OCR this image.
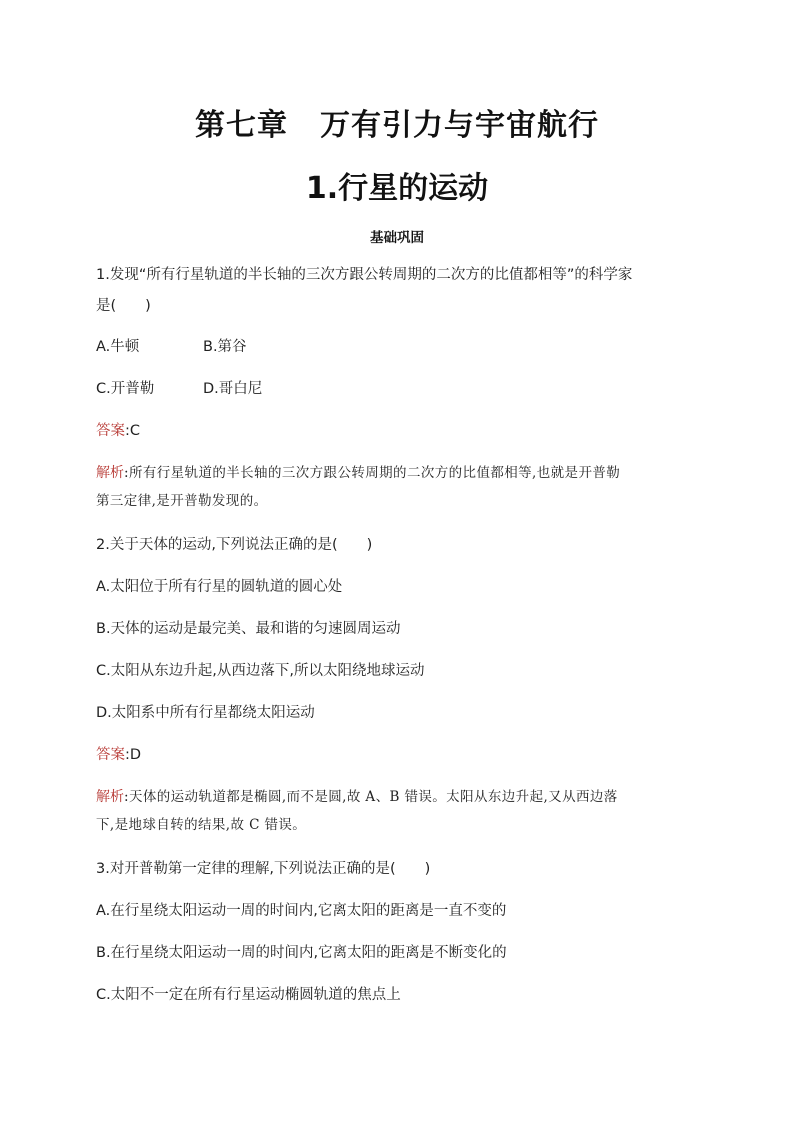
第七章 万有引力与宇宙航行
1.行星的运动
基础巩固
1.发现“所有行星轨道的半长轴的三次方跟公转周期的二次方的比值都相等”的科学家
是(　　)
A.牛顿	B.第谷
C.开普勒	D.哥白尼
答案:C
解析:所有行星轨道的半长轴的三次方跟公转周期的二次方的比值都相等,也就是开普勒
第三定律,是开普勒发现的。
2.关于天体的运动,下列说法正确的是(　　)
A.太阳位于所有行星的圆轨道的圆心处
B.天体的运动是最完美、最和谐的匀速圆周运动
C.太阳从东边升起,从西边落下,所以太阳绕地球运动
D.太阳系中所有行星都绕太阳运动
答案:D
解析:天体的运动轨道都是椭圆,而不是圆,故 A、B 错误。太阳从东边升起,又从西边落
下,是地球自转的结果,故 C 错误。
3.对开普勒第一定律的理解,下列说法正确的是(　　)
A.在行星绕太阳运动一周的时间内,它离太阳的距离是一直不变的
B.在行星绕太阳运动一周的时间内,它离太阳的距离是不断变化的
C.太阳不一定在所有行星运动椭圆轨道的焦点上
